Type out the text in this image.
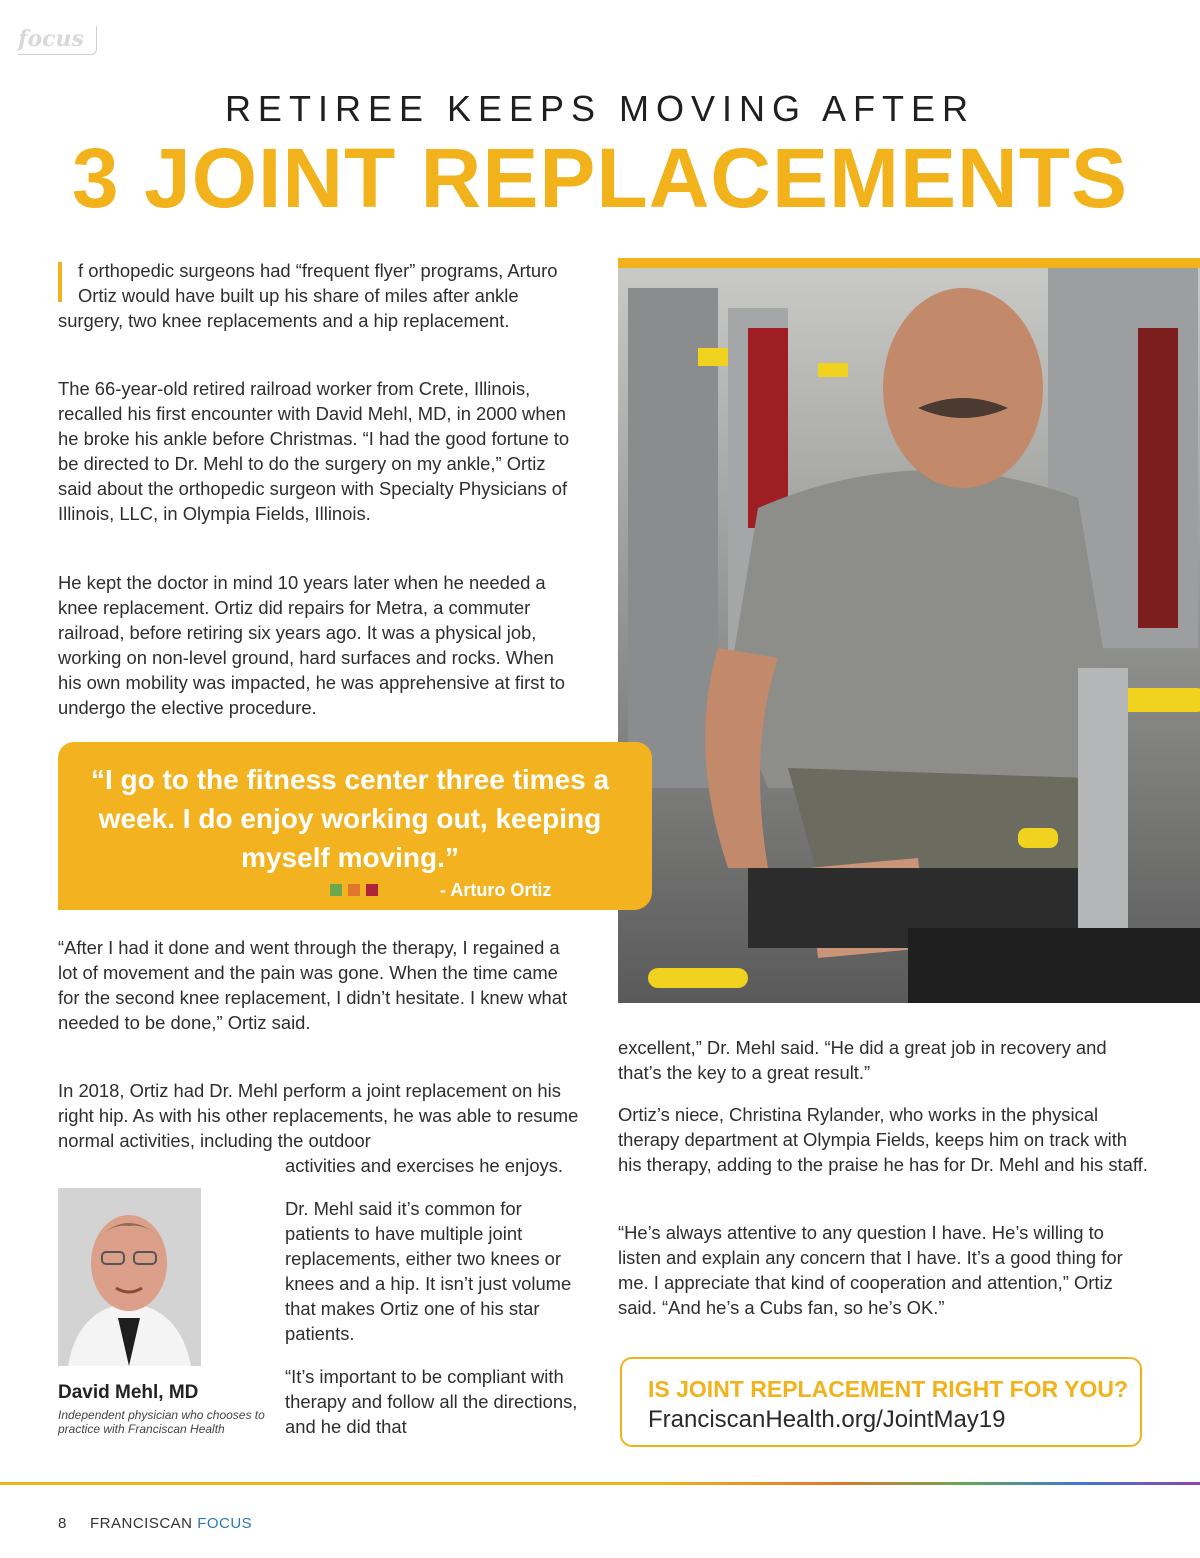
focus
RETIREE KEEPS MOVING AFTER
3 JOINT REPLACEMENTS
f orthopedic surgeons had “frequent flyer” programs, Arturo Ortiz would have built up his share of miles after ankle surgery, two knee replacements and a hip replacement.

The 66-year-old retired railroad worker from Crete, Illinois, recalled his first encounter with David Mehl, MD, in 2000 when he broke his ankle before Christmas. “I had the good fortune to be directed to Dr. Mehl to do the surgery on my ankle,” Ortiz said about the orthopedic surgeon with Specialty Physicians of Illinois, LLC, in Olympia Fields, Illinois.

He kept the doctor in mind 10 years later when he needed a knee replacement. Ortiz did repairs for Metra, a commuter railroad, before retiring six years ago. It was a physical job, working on non-level ground, hard surfaces and rocks. When his own mobility was impacted, he was apprehensive at first to undergo the elective procedure.

“I go to the fitness center three times a week. I do enjoy working out, keeping myself moving.”
- Arturo Ortiz

“After I had it done and went through the therapy, I regained a lot of movement and the pain was gone. When the time came for the second knee replacement, I didn’t hesitate. I knew what needed to be done,” Ortiz said.

In 2018, Ortiz had Dr. Mehl perform a joint replacement on his right hip. As with his other replacements, he was able to resume normal activities, including the outdoor

activities and exercises he enjoys.

David Mehl, MD
Independent physician who chooses to practice with Franciscan Health

Dr. Mehl said it’s common for patients to have multiple joint replacements, either two knees or knees and a hip. It isn’t just volume that makes Ortiz one of his star patients.

“It’s important to be compliant with therapy and follow all the directions, and he did that

excellent,” Dr. Mehl said. “He did a great job in recovery and that’s the key to a great result.”

Ortiz’s niece, Christina Rylander, who works in the physical therapy department at Olympia Fields, keeps him on track with his therapy, adding to the praise he has for Dr. Mehl and his staff.

“He’s always attentive to any question I have. He’s willing to listen and explain any concern that I have. It’s a good thing for me. I appreciate that kind of cooperation and attention,” Ortiz said. “And he’s a Cubs fan, so he’s OK.”

IS JOINT REPLACEMENT RIGHT FOR YOU?
FranciscanHealth.org/JointMay19
8 FRANCISCAN FOCUS
